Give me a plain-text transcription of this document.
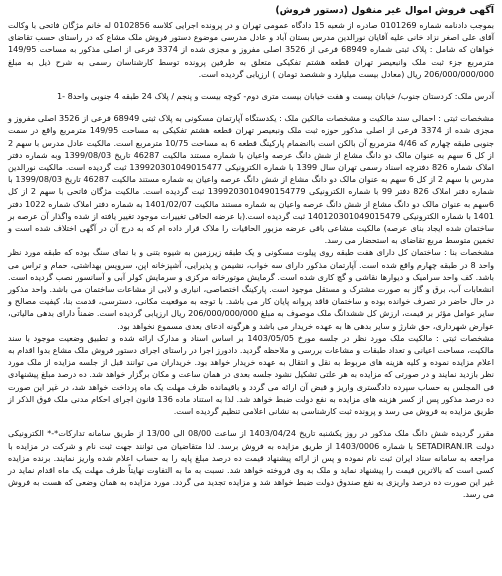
آگهی فروش اموال غیر منقول (دستور فروش)

بموجب دادنامه شماره 0101269 صادره از شعبه 15 دادگاه عمومی تهران و در پرونده اجرایی کلاسه 0102856 له خانم مژگان فاتحی با وکالت آقای علی اصغر نزاد خانی علیه آقایان نورالدین مدرس بستان آباد و عادل مدرسی موضوع دستور فروش ملک مشاع که در راستای حسب تقاضای خواهان که شامل : پلاک ثبتی شماره 68949 فرعی از 3526 اصلی مفروز و مجزی شده از 3374 فرعی از اصلی مذکور به مساحت 149/95 مترمربع جزء ثبت ملک وانبعیصر تهران قطعه هشتم تفکیکی متعلق به طرفین پرونده توسط کارشناسان رسمی به شرح ذیل به مبلغ 206/000/000/000 ریال (معادل بیست میلیارد و ششصد تومان ) ارزیابی گردیده است.

آدرس ملک: کردستان جنوب/ خیابان بیست و هفت خیابان بیست متری دوم- کوچه بیست و پنجم / پلاک 24 طبقه 4 جنوبی واحد8 -1

مشخصات ثبتی : احمالی سند مالکیت و مشخصات مالکین ملک : یکدستگاه آپارتمان مسکونی به پلاک ثبتی 68949 فرعی از 3526 اصلی مفروز و مجزی شده از 3374 فرعی از اصلی مذکور حوزه ثبت ملک ونبعیصر تهران قطعه هشتم تفکیکی به مساحت 149/95 مترمربع واقع در سمت جنوبی طبقه چهارم که 4/46 مترمربع آن بالکن است باانضمام پارکینگ قطعه 6 به مساحت 10/75 مترمربع است. مالکیت عادل مدرس با سهم 2 از کل 6 سهم به عنوان مالک دو دانگ مشاع از شش دانگ عرصه واعیان با شماره مستند مالکیت 46287 تاریخ 1399/08/03 وبه شماره دفتر املاک شماره 826 دفترچه اسناد رسمی تهران سال 1399 با شماره الکترونیکی 139920301049015477 ثبت گردیده است. مالکیت نورالدین مدرس با سهم 2 از کل 6 سهم به عنوان مالک دو دانگ مشاع از شش دانگ عرصه واعیان به شماره مستند مالکیت 46287 تاریخ 1399/08/03 با شماره دفتر املاک 826 دفتر 99 با شماره الکترونیکی 1399203010490154779 ثبت گردیده است. مالکیت مژگان فاتحی با سهم 2 از کل 6سهم به عنوان مالک دو دانگ مشاع از شش دانگ عرصه واعیان به شماره مستند مالکیت 1401/02/07 به شماره دفتر املاک شماره 1022 دفتر 1401 با شماره الکترونیکی 140120301049015479 ثبت گردیده است.(با عرضه الحاقی تغییرات موجود تغییر یافته از شده واگذار آن عرصه بر ساختمان شده ایجاد بنای عرصه) مالکیت مشاعی باقی عرضه مزبور الحاقیات را ملاک قرار داده ام که به درج آن در آگهی اختلاف شده است و تخمین متوسط مربع تقاضای به استحضار می رسد.

مشخصات بنا : ساختمان کل دارای هفت طبقه روی پیلوت مسکونی و یک طبقه زیرزمین به شیوه بتنی و با نمای سنگ بوده که طبقه مورد نظر واحد 8 در طبقه چهارم واقع شده است. آپارتمان مذکور دارای سه خواب، نشیمن و پذیرایی، آشپزخانه اپن، سرویس بهداشتی، حمام و تراس می باشد. کف واحد سرامیک و دیوارها نقاشی و گچ کاری شده است. گرمایش موتورخانه مرکزی و سرمایش کولر آبی و آسانسور نصب گردیده است. انشعابات آب، برق و گاز به صورت مشترک و مستقل موجود است. پارکینگ اختصاصی، انباری و لابی از مشاعات ساختمان می باشد. واحد مذکور در حال حاضر در تصرف خوانده بوده و ساختمان فاقد پروانه پایان کار می باشد. با توجه به موقعیت مکانی، دسترسی، قدمت بنا، کیفیت مصالح و سایر عوامل مؤثر بر قیمت، ارزش کل ششدانگ ملک موصوف به مبلغ 206/000/000/000 ریال ارزیابی گردیده است. ضمناً دارای بدهی مالیاتی، عوارض شهرداری، حق شارژ و سایر بدهی ها به عهده خریدار می باشد و هرگونه ادعای بعدی مسموع نخواهد بود.

مشخصات ثبتی : مالکیت ملک مورد نظر در جلسه مورخ 1403/05/05 بر اساس اسناد و مدارک ارائه شده و تطبیق وضعیت موجود با سند مالکیت، مساحت اعیانی و تعداد طبقات و مشاعات بررسی و ملاحظه گردید. دادورز اجرا در راستای اجرای دستور فروش ملک مشاع بدوا اقدام به اعلام مزایده نموده و کلیه هزینه های مربوط به نقل و انتقال به عهده خریدار خواهد بود. خریداران می توانند قبل از جلسه مزایده از ملک مورد نظر بازدید نمایند و در صورتی که مزایده به هر علتی تشکیل نشود جلسه بعدی در همان ساعت و مکان برگزار خواهد شد. ده درصد مبلغ پیشنهادی فی المجلس به حساب سپرده دادگستری واریز و قبض آن ارائه می گردد و باقیمانده ظرف مهلت یک ماه پرداخت خواهد شد، در غیر این صورت ده درصد مذکور پس از کسر هزینه های مزایده به نفع دولت ضبط خواهد شد. لذا به استناد ماده 136 قانون اجرای احکام مدنی ملک فوق الذکر از طریق مزایده به فروش می رسد و پرونده ثبت کارشناسی به نشانی اعلامی تنظیم گردیده است.

مقرر گردیده شش دانگ ملک مذکور در روز یکشنبه تاریخ 1403/04/24 از ساعت 08/00 الی 13/00 از طریق سامانه تدارکات*-* الکترونیکی دولت SETADIRAN.IR با شماره 1403/0006 از طریق مزایده به فروش برسد. لذا متقاضیان می توانند جهت ثبت نام و شرکت در مزایده با مراجعه به سامانه ستاد ایران ثبت نام نموده و پس از ارائه پیشنهاد قیمت ده درصد مبلغ پایه را به حساب اعلام شده واریز نمایند. برنده مزایده کسی است که بالاترین قیمت را پیشنهاد نماید و ملک به وی فروخته خواهد شد. نسبت به ما به التفاوت نهایتاً ظرف مهلت یک ماه اقدام نماید در غیر این صورت ده درصد واریزی به نفع صندوق دولت ضبط خواهد شد و مزایده تجدید می گردد. مورد مزایده به همان وضعی که هست به فروش می رسد.
